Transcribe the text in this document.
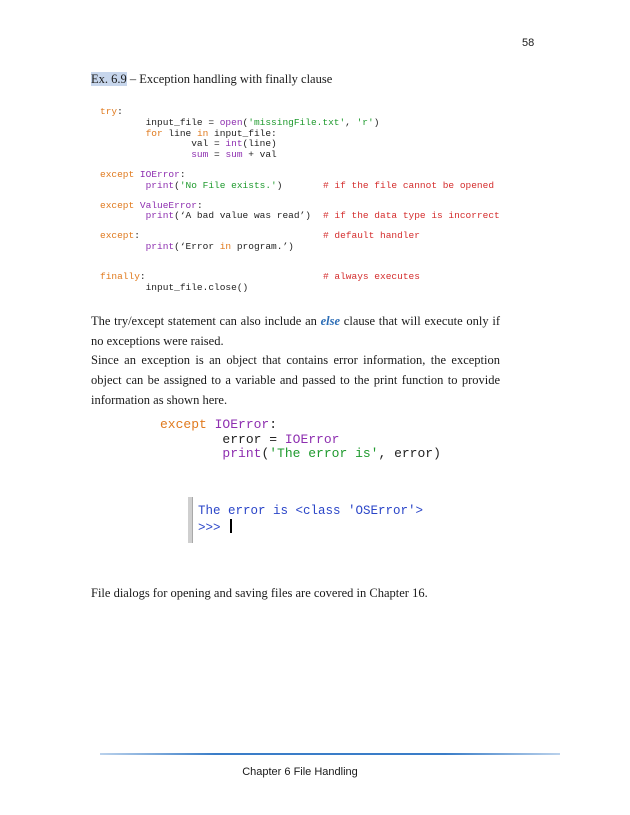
58
Ex. 6.9 – Exception handling with finally clause
try:
input_file = open('missingFile.txt', 'r')
for line in input_file:
val = int(line)
sum = sum + val
except IOError:
print('No File exists.')	# if the file cannot be opened
except ValueError:
print(‘A bad value was read’) # if the data type is incorrect
except:	# default handler
print(‘Error in program.’)
finally:	# always executes
input_file.close()

The try/except statement can also include an else clause that will execute only if no exceptions were raised.

Since an exception is an object that contains error information, the exception object can be assigned to a variable and passed to the print function to provide information as shown here.

except IOError:
error = IOError
print('The error is', error)
The error is <class 'OSError'>
>>>
File dialogs for opening and saving files are covered in Chapter 16.
Chapter 6 File Handling
